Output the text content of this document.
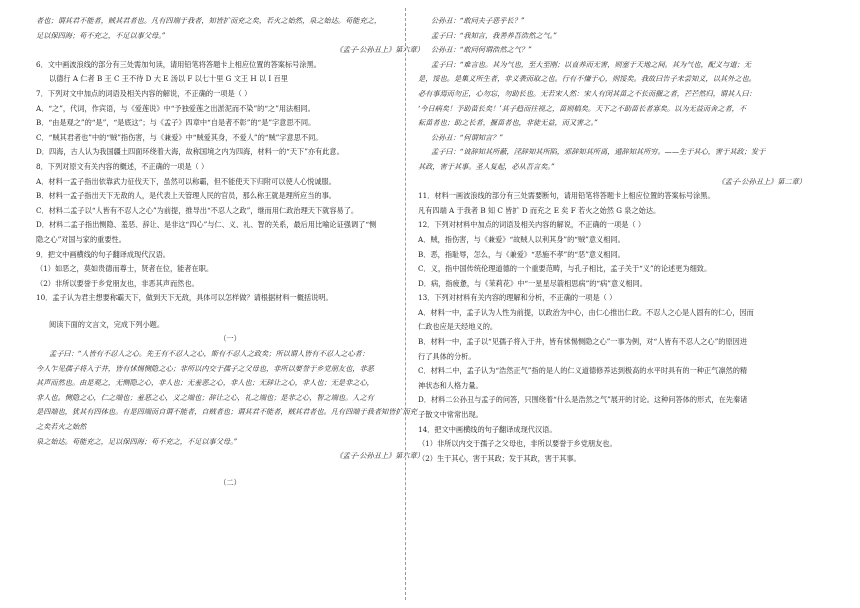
者也；谓其君不能者，贼其君者也。凡有四端于我者，知皆扩而充之矣，若火之始然，泉之始达。苟能充之，

足以保四海；苟不充之，不足以事父母。”

《孟子·公孙丑上》第六章）

6．文中画波浪线的部分有三处需加句读，请用铅笔将答题卡上相应位置的答案标号涂黑。

以德行 A 仁者 B 王 C 王不待 D 大 E 汤以 F 以七十里 G 文王 H 以 I 百里

7．下列对文中加点的词语及相关内容的解说，不正确的一项是（ ）

A．“之”，代词，作宾语，与《爱莲说》中“予独爱莲之出淤泥而不染”的“之”用法相同。

B．“由是观之”的“是”，“是底这”；与《孟子》四章中“自是者不彰”的“是”字意思不同。

C．“贼其君者也”中的“贼”指伤害，与《兼爱》中“贼爱其身，不爱人”的“贼”字意思不同。

D．四海，古人认为我国疆土四面环绕着大海，故称国境之内为四海，材料一的“天下”亦有此意。

8．下列对原文有关内容的概述，不正确的一项是（ ）

A．材料一孟子指出依靠武力征伐天下，虽然可以称霸，但不能使天下归附可以使人心悦诚服。

B．材料一孟子指出天下无敌的人，是代表上天管理人民的官员，那么称王就是理所应当的事。

C．材料二孟子以“人皆有不忍人之心”为前提，推导出“不忍人之政”，继而用仁政治理天下就容易了。

D．材料二孟子指出恻隐、羞恶、辞让、是非这“四心”与仁、义、礼、智的关系，最后用比喻论证强调了“恻

隐之心”对国与家的重要性。

9．把文中画横线的句子翻译成现代汉语。

（1）如恶之，莫如贵德而尊士，贤者在位，能者在职。

（2）非所以要誉于乡党朋友也，非恶其声而然也。

10．孟子认为君主想要称霸天下，做到天下无敌，具体可以怎样做？请根据材料一概括说明。

阅读下面的文言文，完成下列小题。

（一）

孟子曰：“人皆有不忍人之心。先王有不忍人之心，斯有不忍人之政矣；所以谓人皆有不忍人之心者：

今人乍见孺子将入于井，皆有怵惕恻隐之心；非所以内交于孺子之父母也，非所以要誉于乡党朋友也，非恶

其声而然也。由是观之，无恻隐之心，非人也；无羞恶之心，非人也；无辞让之心，非人也；无是非之心，

非人也。恻隐之心，仁之端也；羞恶之心，义之端也；辞让之心，礼之端也；是非之心，智之端也。人之有

是四端也，犹其有四体也。有是四端而自谓不能者，自贼者也；谓其君不能者，贼其君者也。凡有四端于我者知皆扩而充之矣若火之始然

泉之始达。苟能充之，足以保四海；苟不充之，不足以事父母。”

《孟子·公孙丑上》第六章）

（二）

公孙丑：“敢问夫子恶乎长？”

孟子曰：“我知言，我善养吾浩然之气。”

公孙丑：“敢问何谓浩然之气？”

孟子曰：“难言也。其为气也，至大至刚；以直养而无害，则塞于天地之间。其为气也，配义与道；无

是，馁也。是集义所生者，非义袭而取之也。行有不慊于心，则馁矣。我故曰告子未尝知义，以其外之也。

必有事焉而勿正，心勿忘，勿助长也。无若宋人然：宋人有闵其苗之不长而揠之者，芒芒然归，谓其人曰：

‘今日病矣！予助苗长矣！’其子趋而往视之，苗则槁矣。天下之不助苗长者寡矣。以为无益而舍之者，不

耘苗者也；助之长者，揠苗者也，非徒无益，而又害之。”

公孙丑：“何谓知言？”

孟子曰：“诐辞知其所蔽，淫辞知其所陷，邪辞知其所离，遁辞知其所穷。——生于其心，害于其政；发于

其政，害于其事。圣人复起，必从吾言矣。”

《孟子·公孙丑上》第二章）

11．材料一画波浪线的部分有三处需要断句，请用铅笔将答题卡上相应位置的答案标号涂黑。

凡有四端 A 于我者 B 知 C 皆扩 D 而充之 E 矣 F 若火之始然 G 泉之始达。

12．下列对材料中加点的词语及相关内容的解说，不正确的一项是（ ）

A．贼，指伤害，与《兼爱》“故贼人以利其身”的“贼”意义相同。

B．恶，指耻辱，怎么，与《兼爱》“恶施不孝”的“恶”意义相同。

C．义，指中国传统伦理道德的一个重要范畴，与孔子相比，孟子关于“义”的论述更为细致。

D．病，指疲惫，与《茉莉花》中“一星星尽箭相思病”的“病”意义相同。

13．下列对材料有关内容的理解和分析，不正确的一项是（ ）

A．材料一中，孟子认为人性为前提，以政治为中心，由仁心推出仁政。不忍人之心是人固有的仁心，因而

仁政也应是天经地义的。

B．材料一中，孟子以“见孺子将入于井，皆有怵惕恻隐之心”一事为例，对“人皆有不忍人之心”的原因进

行了具体的分析。

C．材料二中，孟子认为“浩然正气”指的是人的仁义道德修养达到极高的水平时具有的一种正气凛然的精

神状态和人格力量。

D．材料二公孙丑与孟子的问答，只围绕着“什么是浩然之气”展开的讨论。这种问答体的形式，在先秦诸

子散文中常常出现。

14．把文中画横线的句子翻译成现代汉语。

（1）非所以内交于孺子之父母也，非所以要誉于乡党朋友也。

（2）生于其心，害于其政；发于其政，害于其事。
